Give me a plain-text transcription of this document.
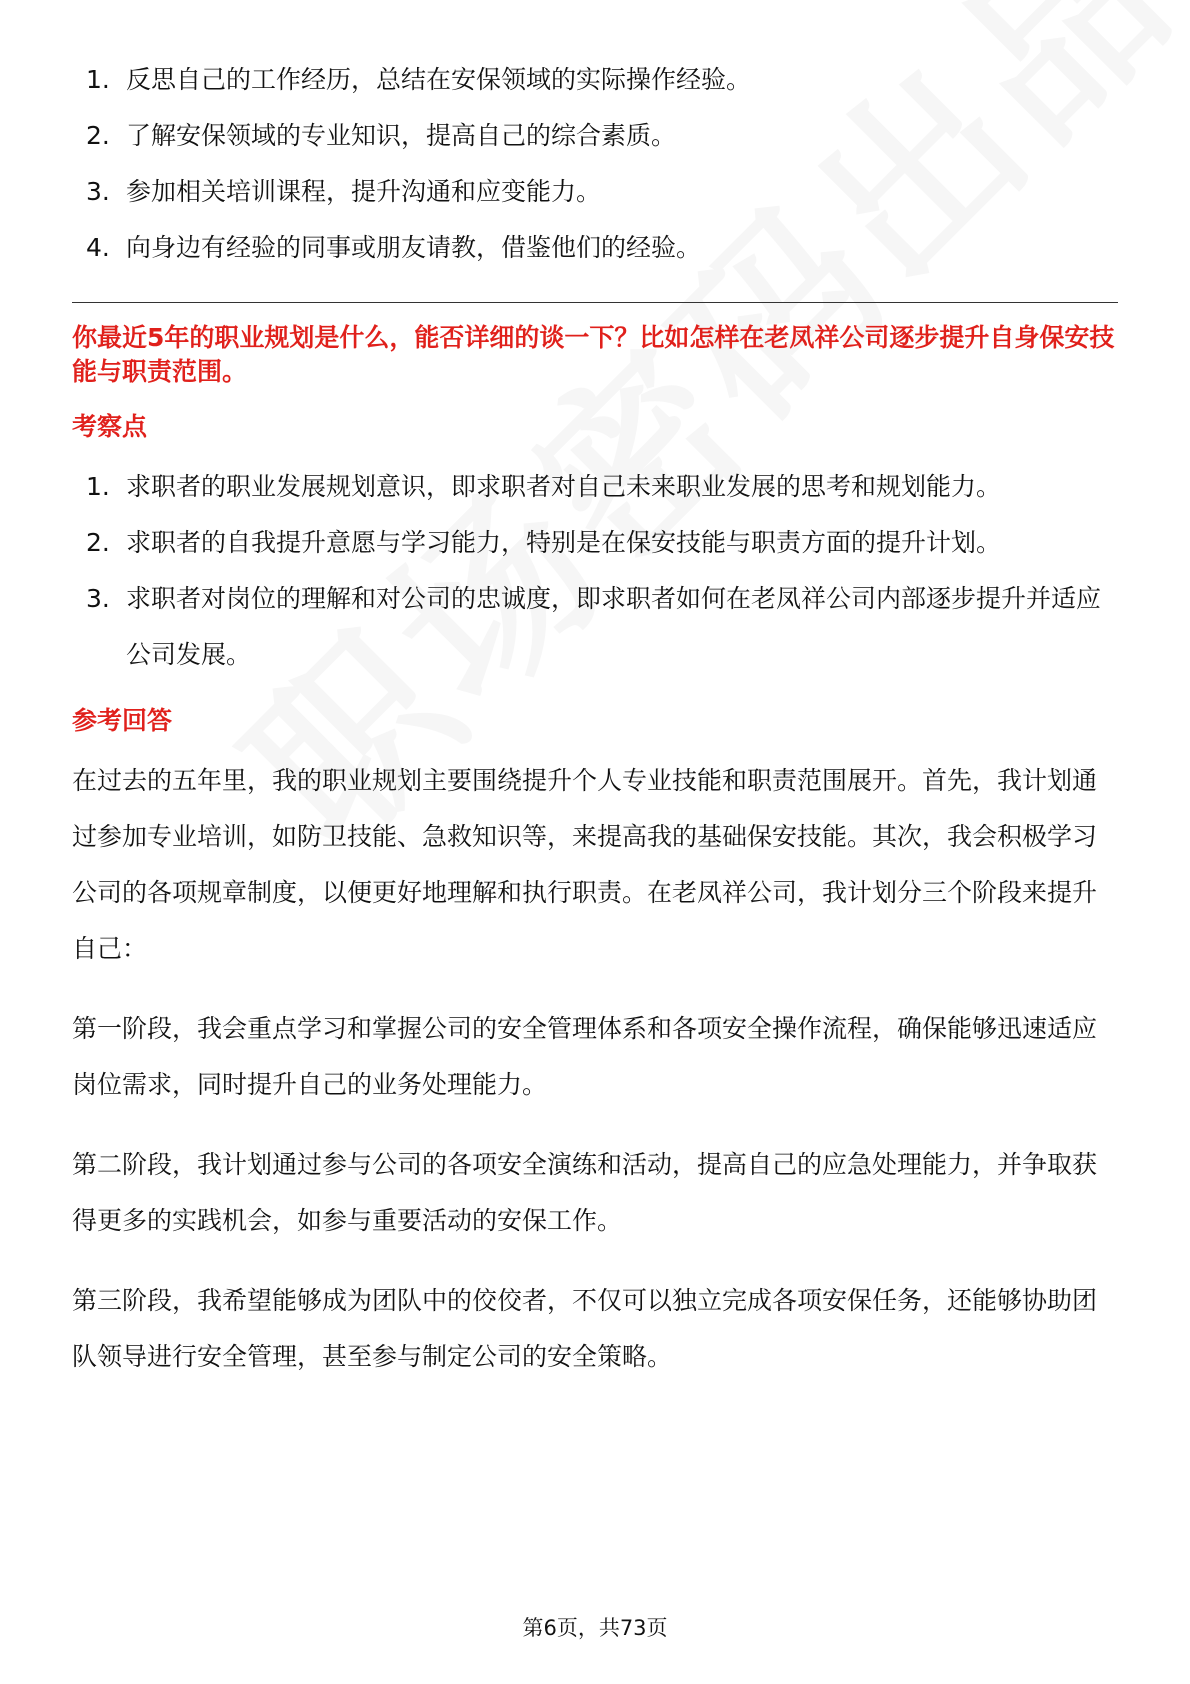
1. 反思自己的工作经历，总结在安保领域的实际操作经验。
2. 了解安保领域的专业知识，提高自己的综合素质。
3. 参加相关培训课程，提升沟通和应变能力。
4. 向身边有经验的同事或朋友请教，借鉴他们的经验。
你最近5年的职业规划是什么，能否详细的谈一下？比如怎样在老凤祥公司逐步提升自身保安技能与职责范围。
考察点
1. 求职者的职业发展规划意识，即求职者对自己未来职业发展的思考和规划能力。
2. 求职者的自我提升意愿与学习能力，特别是在保安技能与职责方面的提升计划。
3. 求职者对岗位的理解和对公司的忠诚度，即求职者如何在老凤祥公司内部逐步提升并适应公司发展。
参考回答

在过去的五年里，我的职业规划主要围绕提升个人专业技能和职责范围展开。首先，我计划通过参加专业培训，如防卫技能、急救知识等，来提高我的基础保安技能。其次，我会积极学习公司的各项规章制度，以便更好地理解和执行职责。在老凤祥公司，我计划分三个阶段来提升自己：

第一阶段，我会重点学习和掌握公司的安全管理体系和各项安全操作流程，确保能够迅速适应岗位需求，同时提升自己的业务处理能力。

第二阶段，我计划通过参与公司的各项安全演练和活动，提高自己的应急处理能力，并争取获得更多的实践机会，如参与重要活动的安保工作。

第三阶段，我希望能够成为团队中的佼佼者，不仅可以独立完成各项安保任务，还能够协助团队领导进行安全管理，甚至参与制定公司的安全策略。

第6页，共73页
